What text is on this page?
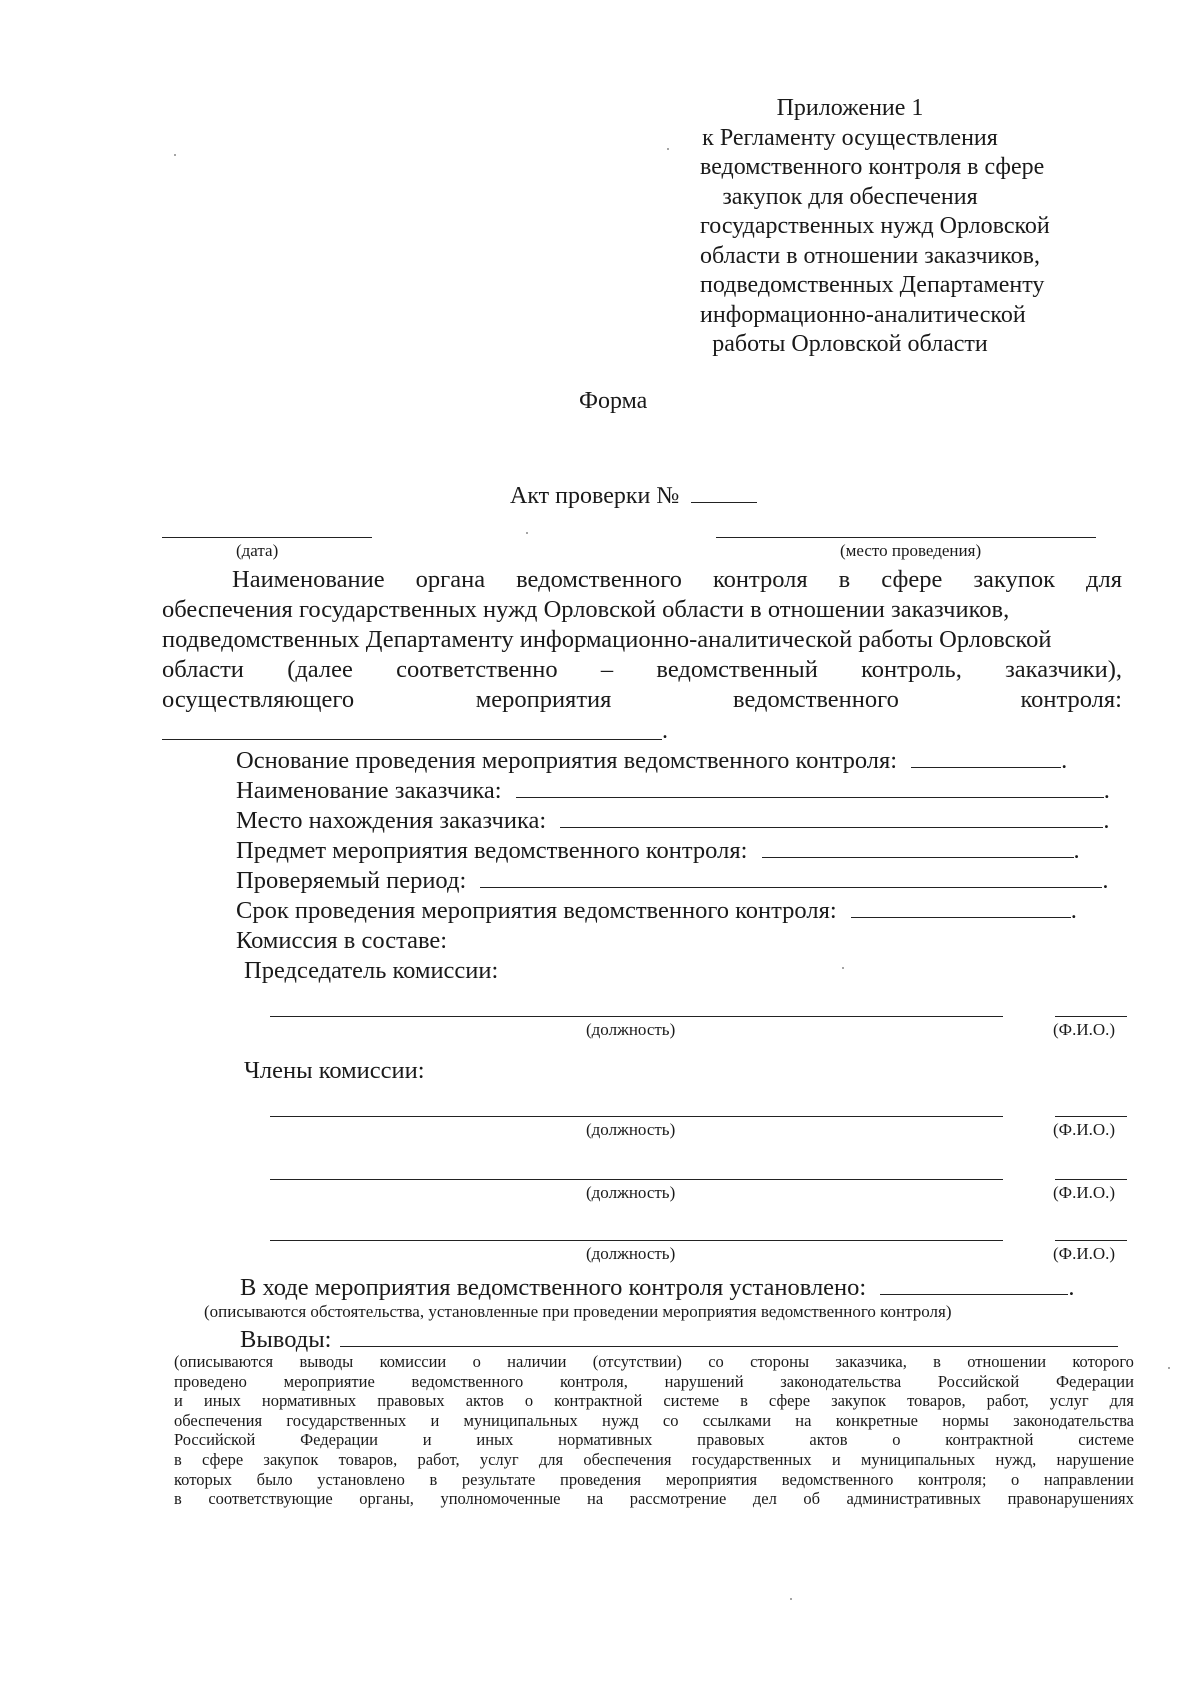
Приложение 1
к Регламенту осуществления
ведомственного контроля в сфере
закупок для обеспечения
государственных нужд Орловской
области в отношении заказчиков,
подведомственных Департаменту
информационно-аналитической
работы Орловской области
Форма
Акт проверки №
(дата)	(место проведения)
Наименование органа ведомственного контроля в сфере закупок для
обеспечения государственных нужд Орловской области в отношении заказчиков,
подведомственных Департаменту информационно-аналитической работы Орловской
области (далее соответственно – ведомственный контроль, заказчики),
осуществляющего	мероприятия	ведомственного	контроля:
.
Основание проведения мероприятия ведомственного контроля:	.
Наименование заказчика:	.
Место нахождения заказчика:	.
Предмет мероприятия ведомственного контроля:	.
Проверяемый период:	.
Срок проведения мероприятия ведомственного контроля:	.
Комиссия в составе:
Председатель комиссии:
(должность)	(Ф.И.О.)
Члены комиссии:
(должность)	(Ф.И.О.)
(должность)	(Ф.И.О.)
(должность)	(Ф.И.О.)
В ходе мероприятия ведомственного контроля установлено:	.
(описываются обстоятельства, установленные при проведении мероприятия ведомственного контроля)
Выводы:
(описываются выводы комиссии о наличии (отсутствии) со стороны заказчика, в отношении которого
проведено мероприятие ведомственного контроля, нарушений законодательства Российской Федерации
и иных нормативных правовых актов о контрактной системе в сфере закупок товаров, работ, услуг для
обеспечения государственных и муниципальных нужд со ссылками на конкретные нормы законодательства
Российской	Федерации	и	иных	нормативных	правовых	актов	о	контрактной	системе
в сфере закупок товаров, работ, услуг для обеспечения государственных и муниципальных нужд, нарушение
которых было установлено в результате проведения мероприятия ведомственного контроля; о направлении
в соответствующие органы, уполномоченные на рассмотрение дел об административных правонарушениях
